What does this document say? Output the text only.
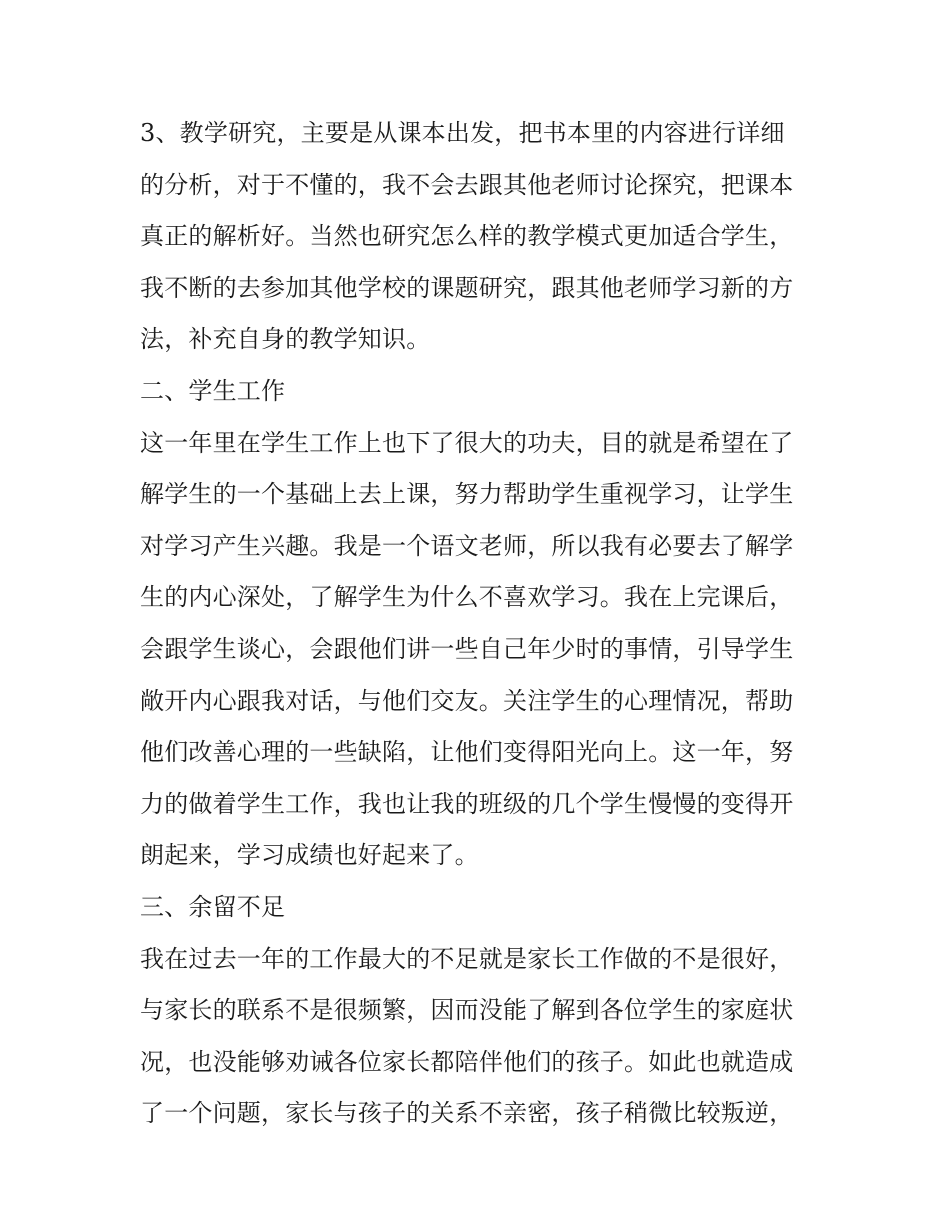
3、教学研究，主要是从课本出发，把书本里的内容进行详细
的分析，对于不懂的，我不会去跟其他老师讨论探究，把课本
真正的解析好。当然也研究怎么样的教学模式更加适合学生，
我不断的去参加其他学校的课题研究，跟其他老师学习新的方
法，补充自身的教学知识。
二、学生工作
这一年里在学生工作上也下了很大的功夫，目的就是希望在了
解学生的一个基础上去上课，努力帮助学生重视学习，让学生
对学习产生兴趣。我是一个语文老师，所以我有必要去了解学
生的内心深处，了解学生为什么不喜欢学习。我在上完课后，
会跟学生谈心，会跟他们讲一些自己年少时的事情，引导学生
敞开内心跟我对话，与他们交友。关注学生的心理情况，帮助
他们改善心理的一些缺陷，让他们变得阳光向上。这一年，努
力的做着学生工作，我也让我的班级的几个学生慢慢的变得开
朗起来，学习成绩也好起来了。
三、余留不足
我在过去一年的工作最大的不足就是家长工作做的不是很好，
与家长的联系不是很频繁，因而没能了解到各位学生的家庭状
况，也没能够劝诫各位家长都陪伴他们的孩子。如此也就造成
了一个问题，家长与孩子的关系不亲密，孩子稍微比较叛逆，
